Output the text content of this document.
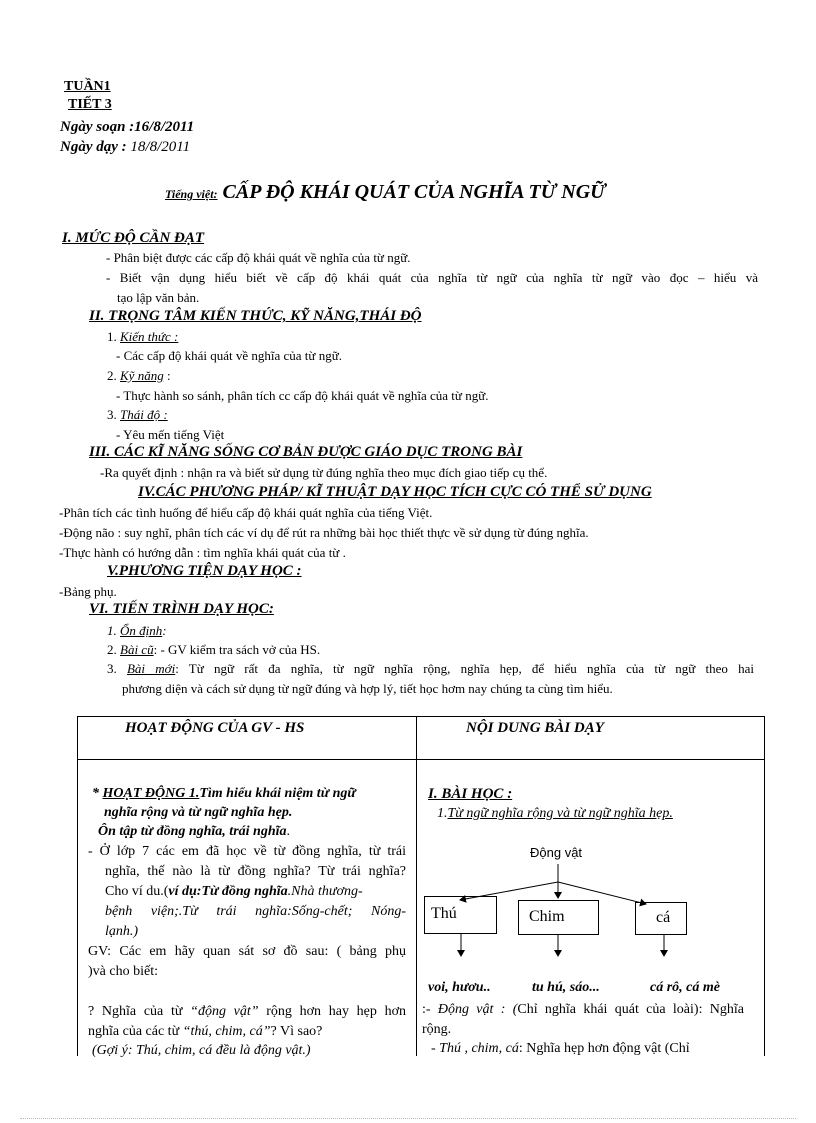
TUẦN1
TIẾT 3
Ngày soạn :16/8/2011
Ngày dạy : 18/8/2011
Tiếng việt: CẤP ĐỘ KHÁI QUÁT CỦA NGHĨA TỪ NGỮ
I. MỨC ĐỘ CẦN ĐẠT
- Phân biệt được các cấp độ khái quát về nghĩa của từ ngữ.
- Biết vận dụng hiểu biết về cấp độ khái quát của nghĩa từ ngữ của nghĩa từ ngữ vào đọc – hiểu và
tạo lập văn bản.
II. TRỌNG TÂM KIẾN THỨC, KỸ NĂNG,THÁI ĐỘ
1. Kiến thức :
- Các cấp độ khái quát về nghĩa của từ ngữ.
2. Kỹ năng :
- Thực hành so sánh, phân tích cc cấp độ khái quát về nghĩa của từ ngữ.
3. Thái độ :
- Yêu mến tiếng Việt
III. CÁC KĨ NĂNG SỐNG CƠ BẢN ĐƯỢC GIÁO DỤC TRONG BÀI
-Ra quyết định : nhận ra và biết sử dụng từ đúng nghĩa theo mục đích giao tiếp cụ thể.
IV.CÁC PHƯƠNG PHÁP/ KĨ THUẬT DẠY HỌC TÍCH CỰC CÓ THỂ SỬ DỤNG
-Phân tích các tình huống để hiểu cấp độ khái quát nghĩa của tiếng Việt.
-Động não : suy nghĩ, phân tích các ví dụ để rút ra những bài học thiết thực về sử dụng từ đúng nghĩa.
-Thực hành có hướng dẫn : tìm nghĩa khái quát của từ .
V.PHƯƠNG TIỆN DẠY HỌC :
-Bảng phụ.
VI. TIẾN TRÌNH DẠY HỌC:
1. Ổn định:
2. Bài cũ: - GV kiểm tra sách vở của HS.
3. Bài mới: Từ ngữ rất đa nghĩa, từ ngữ nghĩa rộng, nghĩa hẹp, để hiểu nghĩa của từ ngữ theo hai
phương diện và cách sử dụng từ ngữ đúng và hợp lý, tiết học hơm nay chúng ta cùng tìm hiểu.
HOẠT ĐỘNG CỦA GV - HS	NỘI DUNG BÀI DẠY
* HOẠT ĐỘNG 1.Tìm hiểu khái niệm từ ngữ
nghĩa rộng và từ ngữ nghĩa hẹp.
Ôn tập từ đồng nghĩa, trái nghĩa.
- Ở lớp 7 các em đã học về từ đồng nghĩa, từ trái
nghĩa, thế nào là từ đồng nghĩa? Từ trái nghĩa?
Cho ví du.(ví dụ:Từ đồng nghĩa.Nhà thương-
bệnh viện;.Từ trái nghĩa:Sống-chết; Nóng-
lạnh.)
GV: Các em hãy quan sát sơ đồ sau: ( bảng phụ
)và cho biết:
? Nghĩa của từ “động vật” rộng hơn hay hẹp hơn
nghĩa của các từ “thú, chim, cá”? Vì sao?
(Gợi ý: Thú, chim, cá đều là động vật.)
I. BÀI HỌC :
1.Từ ngữ nghĩa rộng và từ ngữ nghĩa hẹp.
Động vật
Thú	Chim	cá
voi, hươu..	tu hú, sáo...	cá rô, cá mè
:- Động vật : (Chỉ nghĩa khái quát của loài): Nghĩa
rộng.
- Thú , chim, cá: Nghĩa hẹp hơn động vật (Chỉ
